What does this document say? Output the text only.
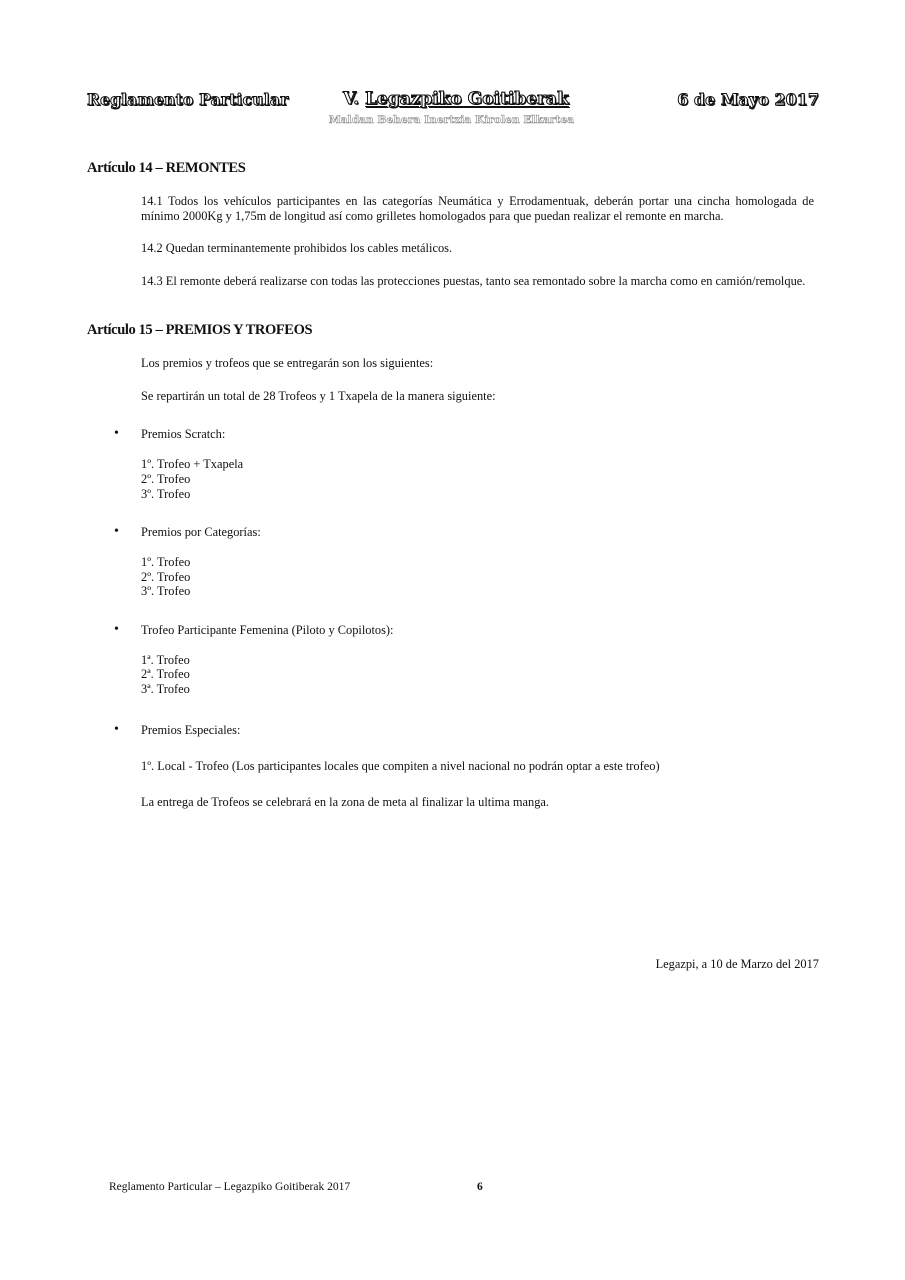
Reglamento Particular	V. Legazpiko Goitiberak
Maldan Behera Inertzia Kirolen Elkartea
6 de Mayo 2017
Artículo 14 – REMONTES
14.1 Todos los vehículos participantes en las categorías Neumática y Errodamentuak, deberán portar una cincha homologada de mínimo 2000Kg y 1,75m de longitud así como grilletes homologados para que puedan realizar el remonte en marcha.
14.2 Quedan terminantemente prohibidos los cables metálicos.
14.3 El remonte deberá realizarse con todas las protecciones puestas, tanto sea remontado sobre la marcha como en camión/remolque.
Artículo 15 – PREMIOS Y TROFEOS
Los premios y trofeos que se entregarán son los siguientes:
Se repartirán un total de 28 Trofeos y 1 Txapela de la manera siguiente:
• Premios Scratch:
1º. Trofeo + Txapela
2º. Trofeo
3º. Trofeo
• Premios por Categorías:
1º. Trofeo
2º. Trofeo
3º. Trofeo
• Trofeo Participante Femenina (Piloto y Copilotos):
1ª. Trofeo
2ª. Trofeo
3ª. Trofeo
• Premios Especiales:
1º. Local - Trofeo (Los participantes locales que compiten a nivel nacional no podrán optar a este trofeo)
La entrega de Trofeos se celebrará en la zona de meta al finalizar la ultima manga.
Legazpi, a 10 de Marzo del 2017
Reglamento Particular – Legazpiko Goitiberak 2017	6
